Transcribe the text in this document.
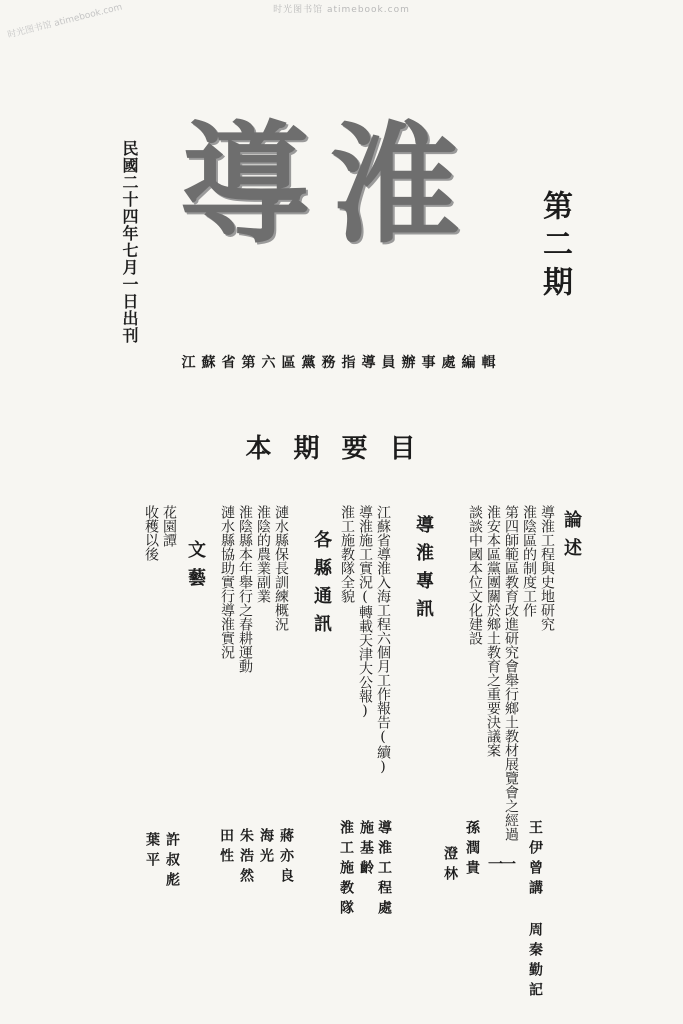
时光图书馆 atimebook.com
时光图书馆 atimebook.com
民國二十四年七月一日出刊 導淮	第二期
江蘇省第六區黨務指導員辦事處編輯
本期要目
論述
導淮工程與史地研究
淮陰區的制度工作
第四師範區教育改進研究會舉行鄉土教材展覽會之經過
淮安本區黨團關於鄉土教育之重要決議案
談談中國本位文化建設
導淮專訊
江蘇省導淮入海工程六個月工作報告(續)
導淮施工實況(轉載天津大公報)
淮工施教隊全貌
各縣通訊
漣水縣保長訓練概況
淮陰的農業副業
淮陰縣本年舉行之春耕運動
漣水縣協助實行導淮實況
文藝
花園譚
收穫以後
王伊曾講 周秦勤記
一
孫潤貴 一
澄林
導淮工程處
施基齡
淮工施教隊
蔣亦良
海光
朱浩然
田性
許叔彪
葉平
